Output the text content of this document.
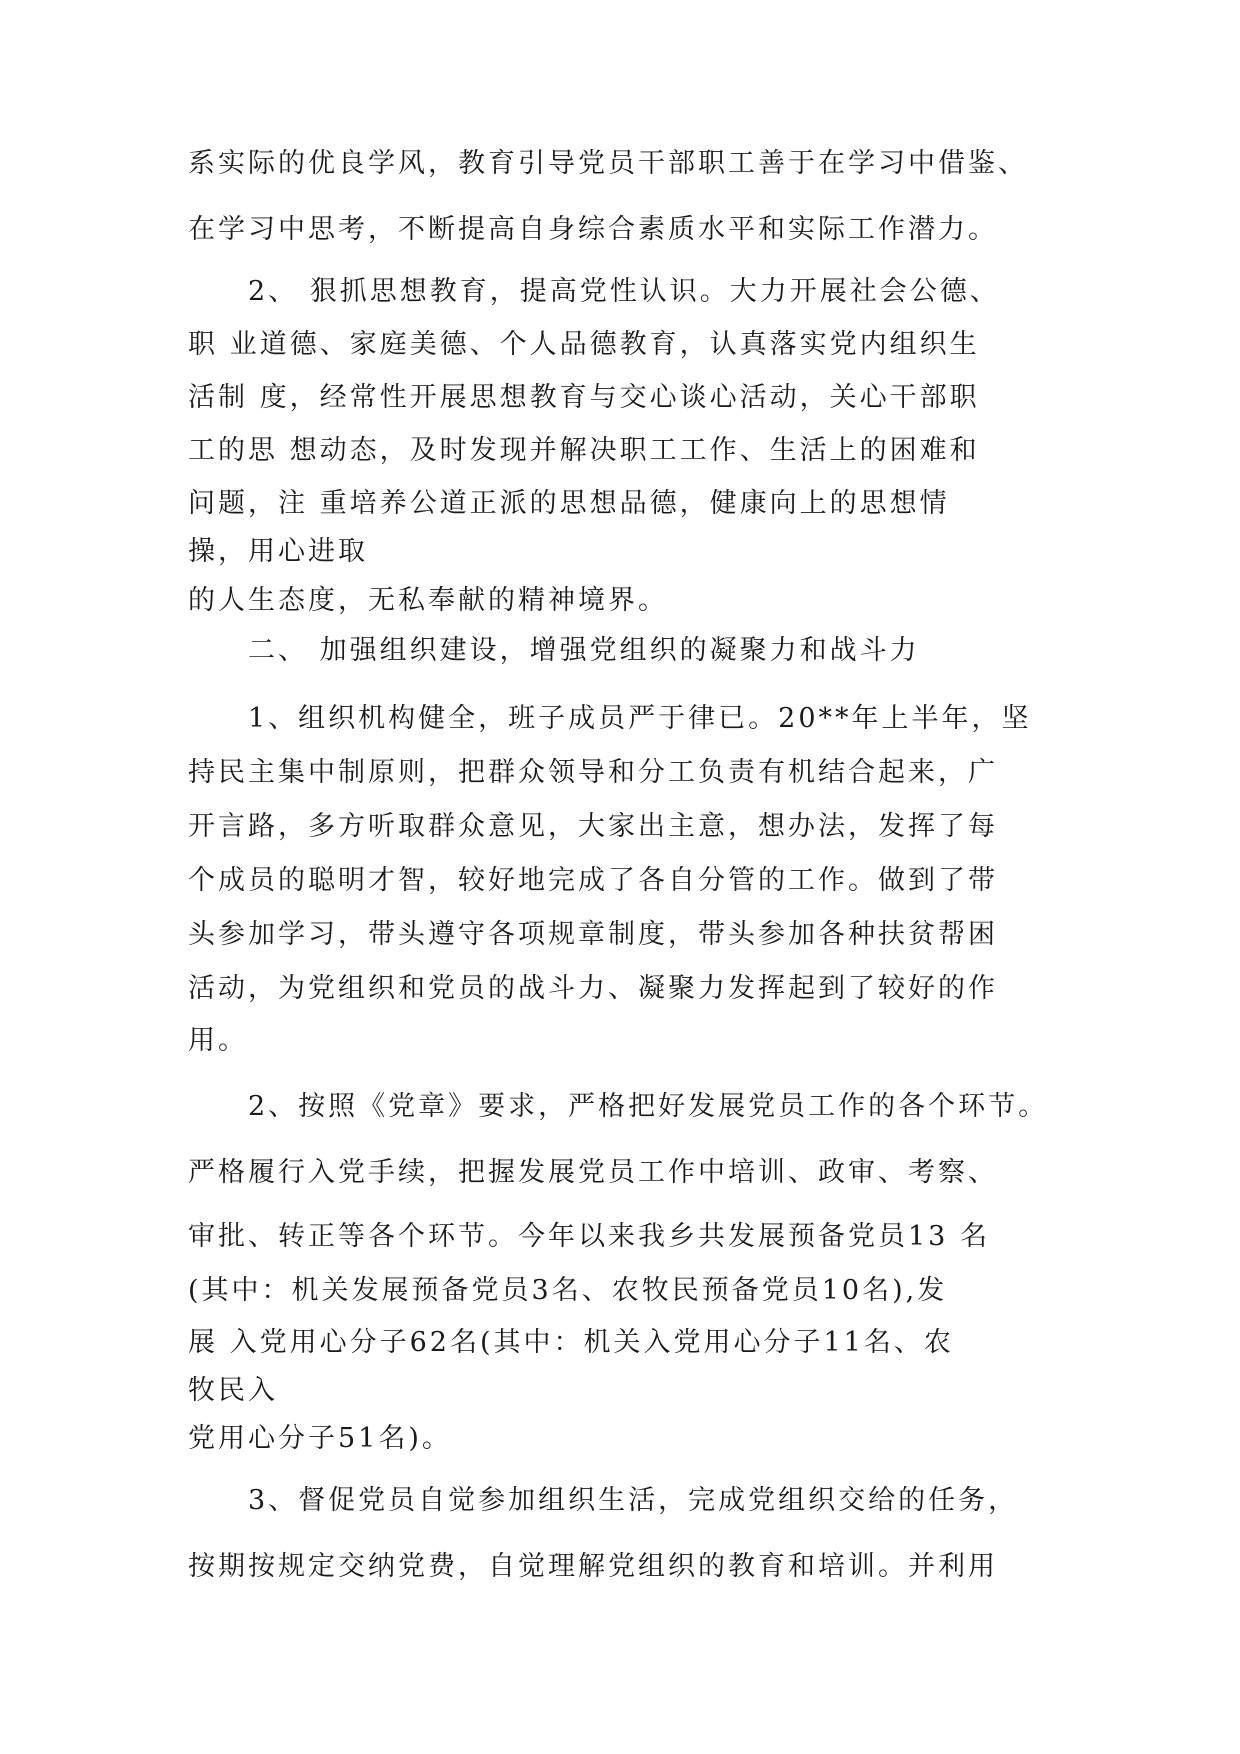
系实际的优良学风，教育引导党员干部职工善于在学习中借鉴、

在学习中思考，不断提高自身综合素质水平和实际工作潜力。

2、 狠抓思想教育，提高党性认识。大力开展社会公德、

职 业道德、家庭美德、个人品德教育，认真落实党内组织生

活制 度，经常性开展思想教育与交心谈心活动，关心干部职

工的思 想动态，及时发现并解决职工工作、生活上的困难和

问题，注 重培养公道正派的思想品德，健康向上的思想情

操，用心进取

的人生态度，无私奉献的精神境界。

二、 加强组织建设，增强党组织的凝聚力和战斗力

1、组织机构健全，班子成员严于律已。20**年上半年，坚

持民主集中制原则，把群众领导和分工负责有机结合起来，广

开言路，多方听取群众意见，大家出主意，想办法，发挥了每

个成员的聪明才智，较好地完成了各自分管的工作。做到了带

头参加学习，带头遵守各项规章制度，带头参加各种扶贫帮困

活动，为党组织和党员的战斗力、凝聚力发挥起到了较好的作

用。

2、按照《党章》要求，严格把好发展党员工作的各个环节。

严格履行入党手续，把握发展党员工作中培训、政审、考察、

审批、转正等各个环节。今年以来我乡共发展预备党员13 名

(其中：机关发展预备党员3名、农牧民预备党员10名),发

展 入党用心分子62名(其中：机关入党用心分子11名、农

牧民入

党用心分子51名)。

3、督促党员自觉参加组织生活，完成党组织交给的任务，

按期按规定交纳党费，自觉理解党组织的教育和培训。并利用
